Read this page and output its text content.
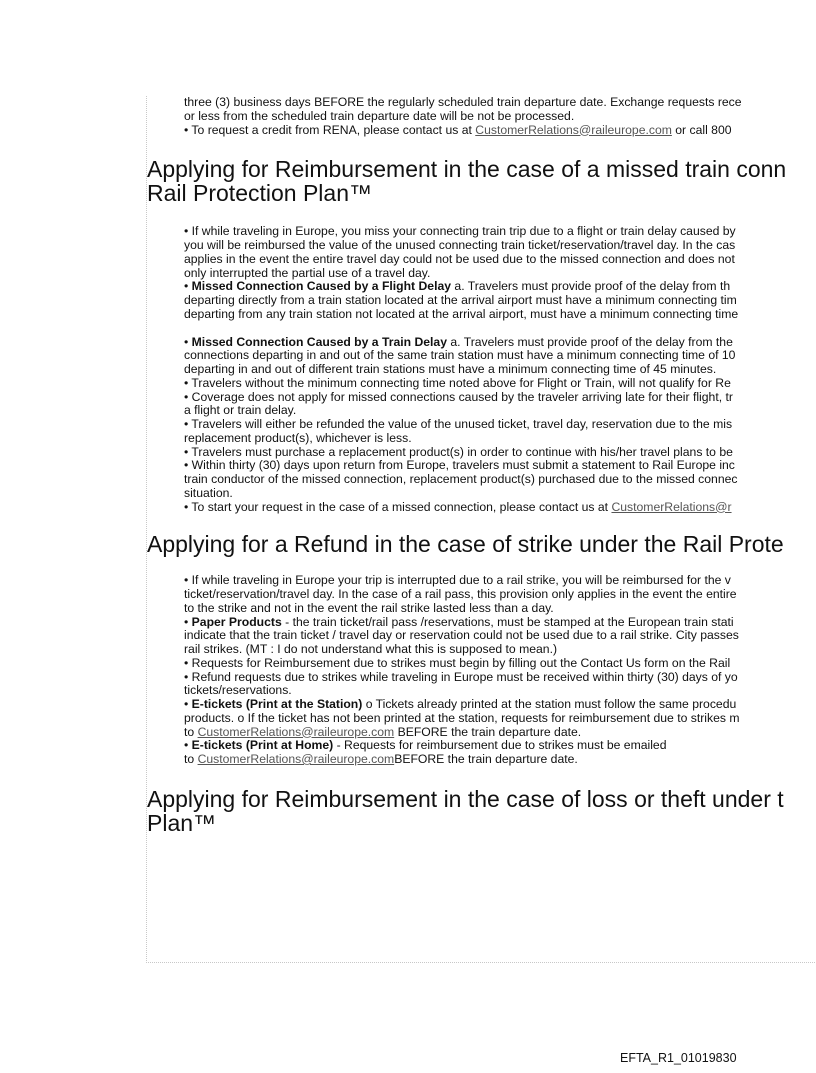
three (3) business days BEFORE the regularly scheduled train departure date. Exchange requests rece
or less from the scheduled train departure date will be not be processed.
• To request a credit from RENA, please contact us at CustomerRelations@raileurope.com or call 800
Applying for Reimbursement in the case of a missed train conn
Rail Protection Plan™
• If while traveling in Europe, you miss your connecting train trip due to a flight or train delay caused by
you will be reimbursed the value of the unused connecting train ticket/reservation/travel day. In the cas
applies in the event the entire travel day could not be used due to the missed connection and does not
only interrupted the partial use of a travel day.
• Missed Connection Caused by a Flight Delay a. Travelers must provide proof of the delay from th
departing directly from a train station located at the arrival airport must have a minimum connecting tim
departing from any train station not located at the arrival airport, must have a minimum connecting time
• Missed Connection Caused by a Train Delay a. Travelers must provide proof of the delay from the
connections departing in and out of the same train station must have a minimum connecting time of 10
departing in and out of different train stations must have a minimum connecting time of 45 minutes.
• Travelers without the minimum connecting time noted above for Flight or Train, will not qualify for Re
• Coverage does not apply for missed connections caused by the traveler arriving late for their flight, tr
a flight or train delay.
• Travelers will either be refunded the value of the unused ticket, travel day, reservation due to the mis
replacement product(s), whichever is less.
• Travelers must purchase a replacement product(s) in order to continue with his/her travel plans to be
• Within thirty (30) days upon return from Europe, travelers must submit a statement to Rail Europe inc
train conductor of the missed connection, replacement product(s) purchased due to the missed connec
situation.
• To start your request in the case of a missed connection, please contact us at CustomerRelations@r
Applying for a Refund in the case of strike under the Rail Prote
• If while traveling in Europe your trip is interrupted due to a rail strike, you will be reimbursed for the v
ticket/reservation/travel day. In the case of a rail pass, this provision only applies in the event the entire
to the strike and not in the event the rail strike lasted less than a day.
• Paper Products - the train ticket/rail pass /reservations, must be stamped at the European train stati
indicate that the train ticket / travel day or reservation could not be used due to a rail strike. City passes
rail strikes. (MT : I do not understand what this is supposed to mean.)
• Requests for Reimbursement due to strikes must begin by filling out the Contact Us form on the Rail
• Refund requests due to strikes while traveling in Europe must be received within thirty (30) days of yo
tickets/reservations.
• E-tickets (Print at the Station) o Tickets already printed at the station must follow the same procedu
products. o If the ticket has not been printed at the station, requests for reimbursement due to strikes m
to CustomerRelations@raileurope.com BEFORE the train departure date.
• E-tickets (Print at Home) - Requests for reimbursement due to strikes must be emailed
to CustomerRelations@raileurope.comBEFORE the train departure date.
Applying for Reimbursement in the case of loss or theft under t
Plan™
EFTA_R1_01019830
